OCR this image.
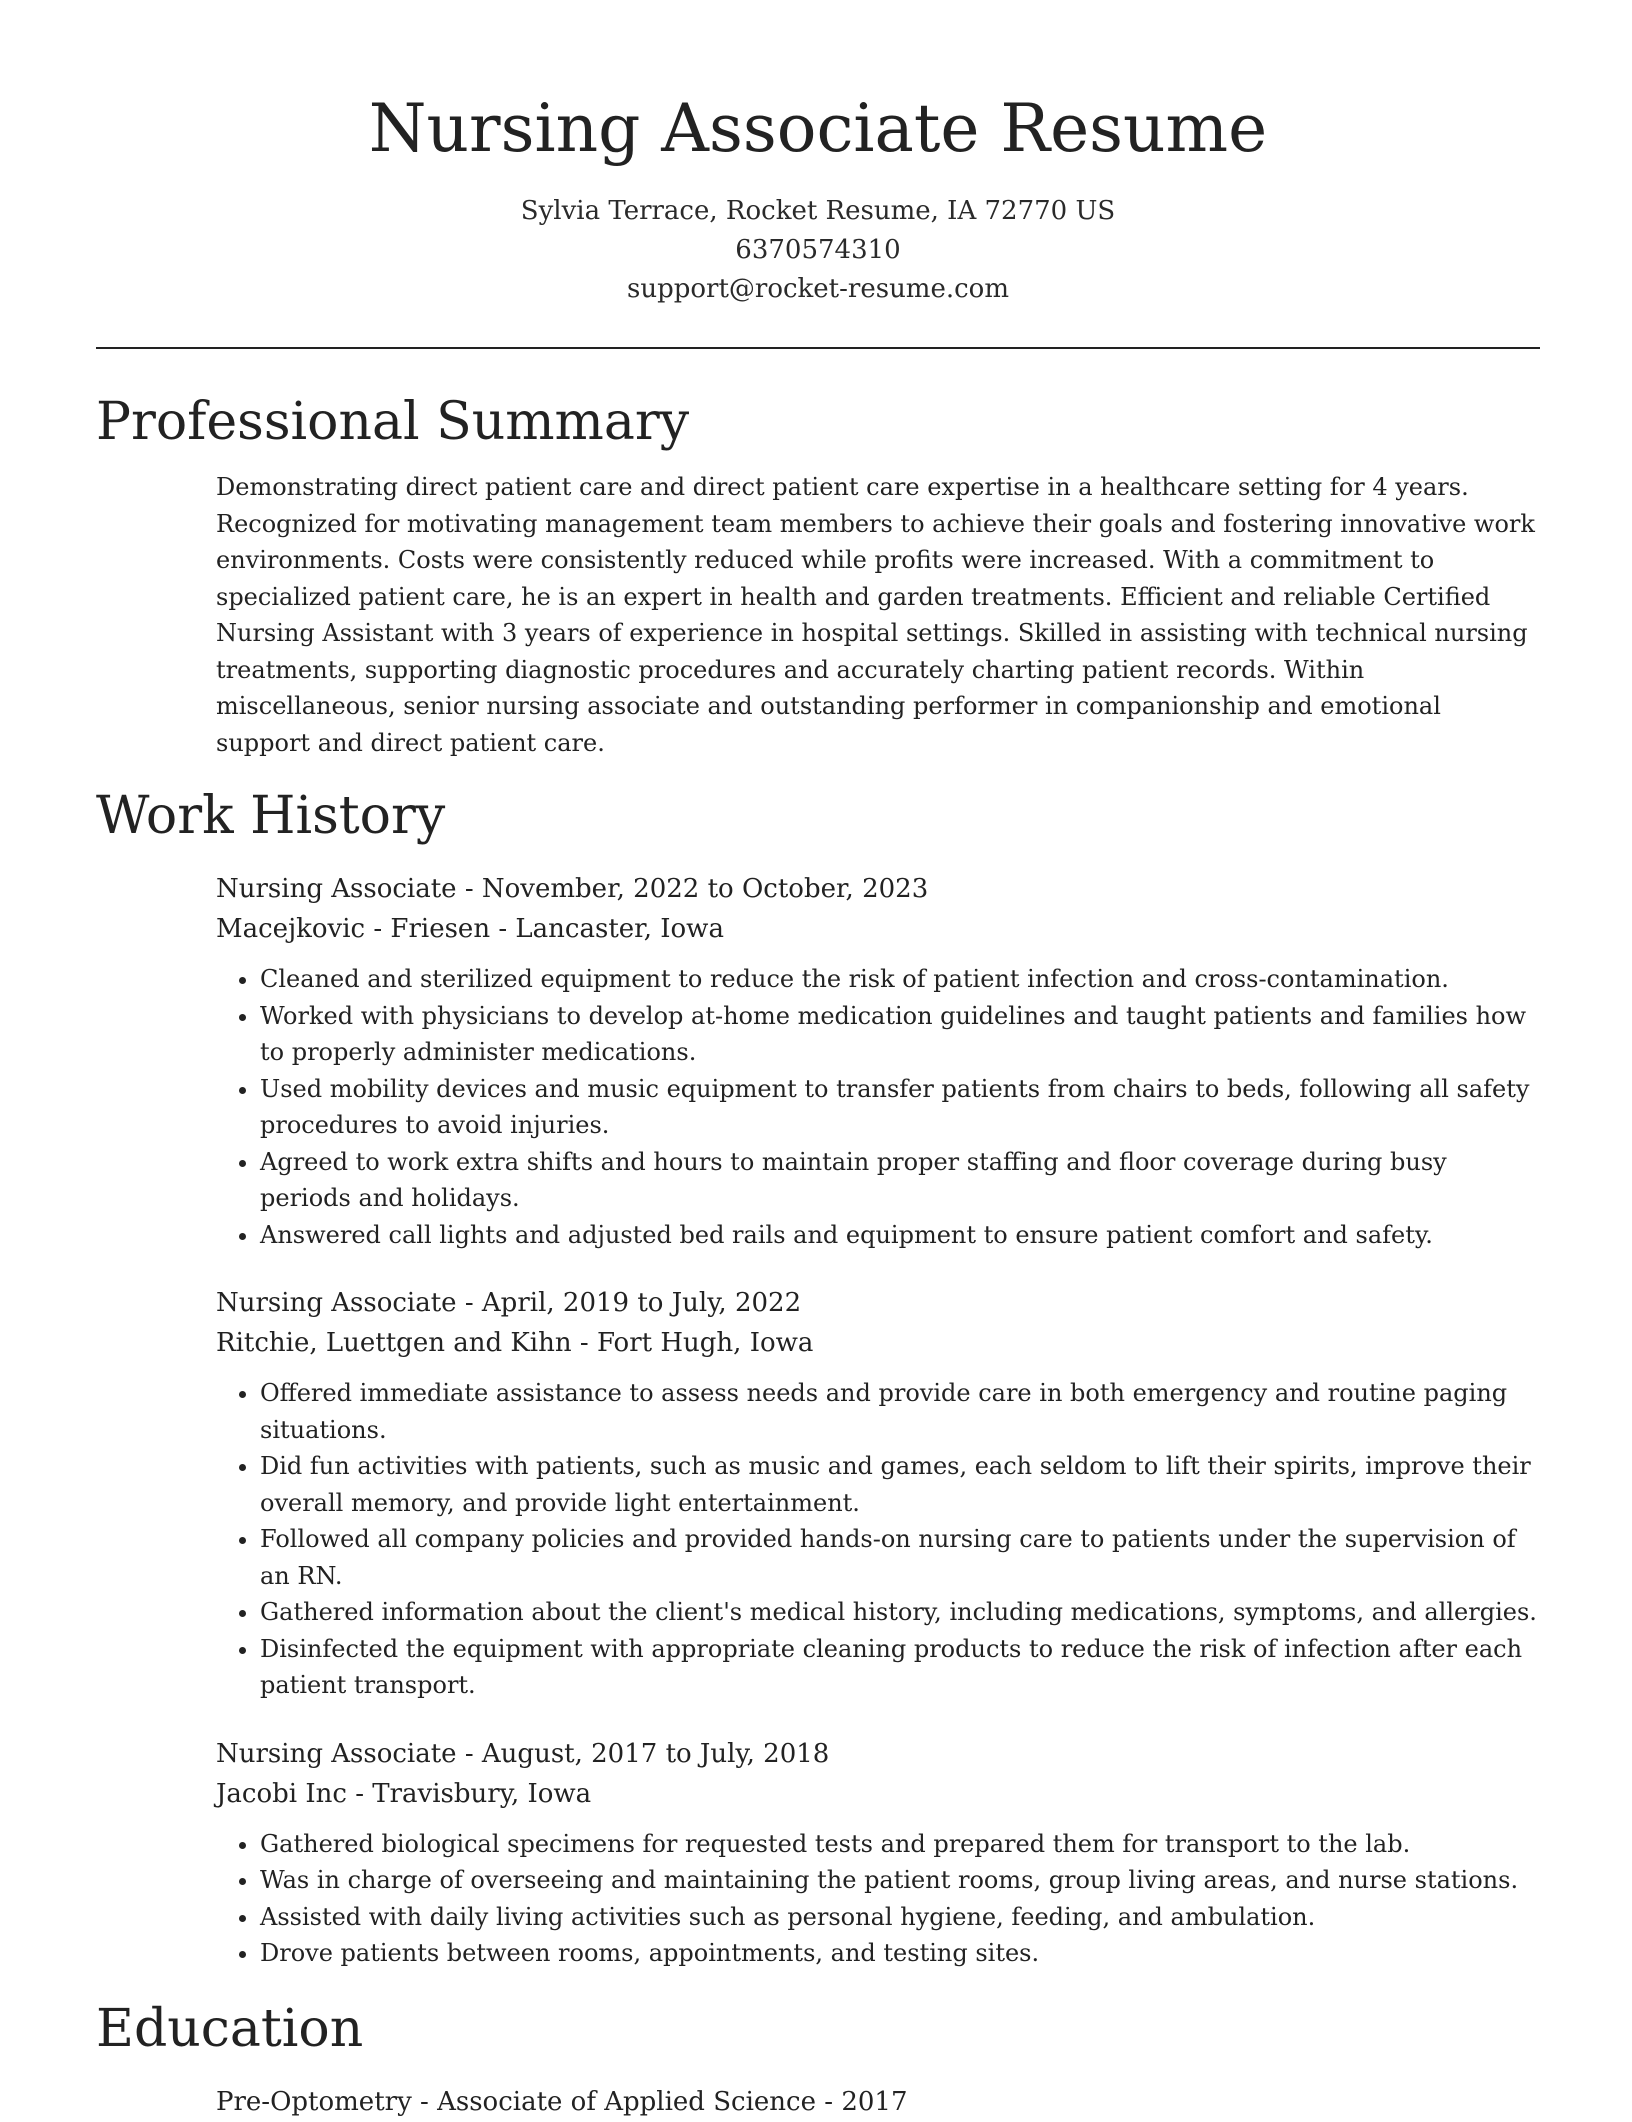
Nursing Associate Resume
Sylvia Terrace, Rocket Resume, IA 72770 US
6370574310
support@rocket-resume.com
Professional Summary
Demonstrating direct patient care and direct patient care expertise in a healthcare setting for 4 years. Recognized for motivating management team members to achieve their goals and fostering innovative work environments. Costs were consistently reduced while profits were increased. With a commitment to specialized patient care, he is an expert in health and garden treatments. Efficient and reliable Certified Nursing Assistant with 3 years of experience in hospital settings. Skilled in assisting with technical nursing treatments, supporting diagnostic procedures and accurately charting patient records. Within miscellaneous, senior nursing associate and outstanding performer in companionship and emotional support and direct patient care.
Work History
Nursing Associate - November, 2022 to October, 2023
Macejkovic - Friesen - Lancaster, Iowa
• Cleaned and sterilized equipment to reduce the risk of patient infection and cross-contamination.
• Worked with physicians to develop at-home medication guidelines and taught patients and families how to properly administer medications.
• Used mobility devices and music equipment to transfer patients from chairs to beds, following all safety procedures to avoid injuries.
• Agreed to work extra shifts and hours to maintain proper staffing and floor coverage during busy periods and holidays.
• Answered call lights and adjusted bed rails and equipment to ensure patient comfort and safety.
Nursing Associate - April, 2019 to July, 2022
Ritchie, Luettgen and Kihn - Fort Hugh, Iowa
• Offered immediate assistance to assess needs and provide care in both emergency and routine paging situations.
• Did fun activities with patients, such as music and games, each seldom to lift their spirits, improve their overall memory, and provide light entertainment.
• Followed all company policies and provided hands-on nursing care to patients under the supervision of an RN.
• Gathered information about the client's medical history, including medications, symptoms, and allergies.
• Disinfected the equipment with appropriate cleaning products to reduce the risk of infection after each patient transport.
Nursing Associate - August, 2017 to July, 2018
Jacobi Inc - Travisbury, Iowa
• Gathered biological specimens for requested tests and prepared them for transport to the lab.
• Was in charge of overseeing and maintaining the patient rooms, group living areas, and nurse stations.
• Assisted with daily living activities such as personal hygiene, feeding, and ambulation.
• Drove patients between rooms, appointments, and testing sites.
Education
Pre-Optometry - Associate of Applied Science - 2017
